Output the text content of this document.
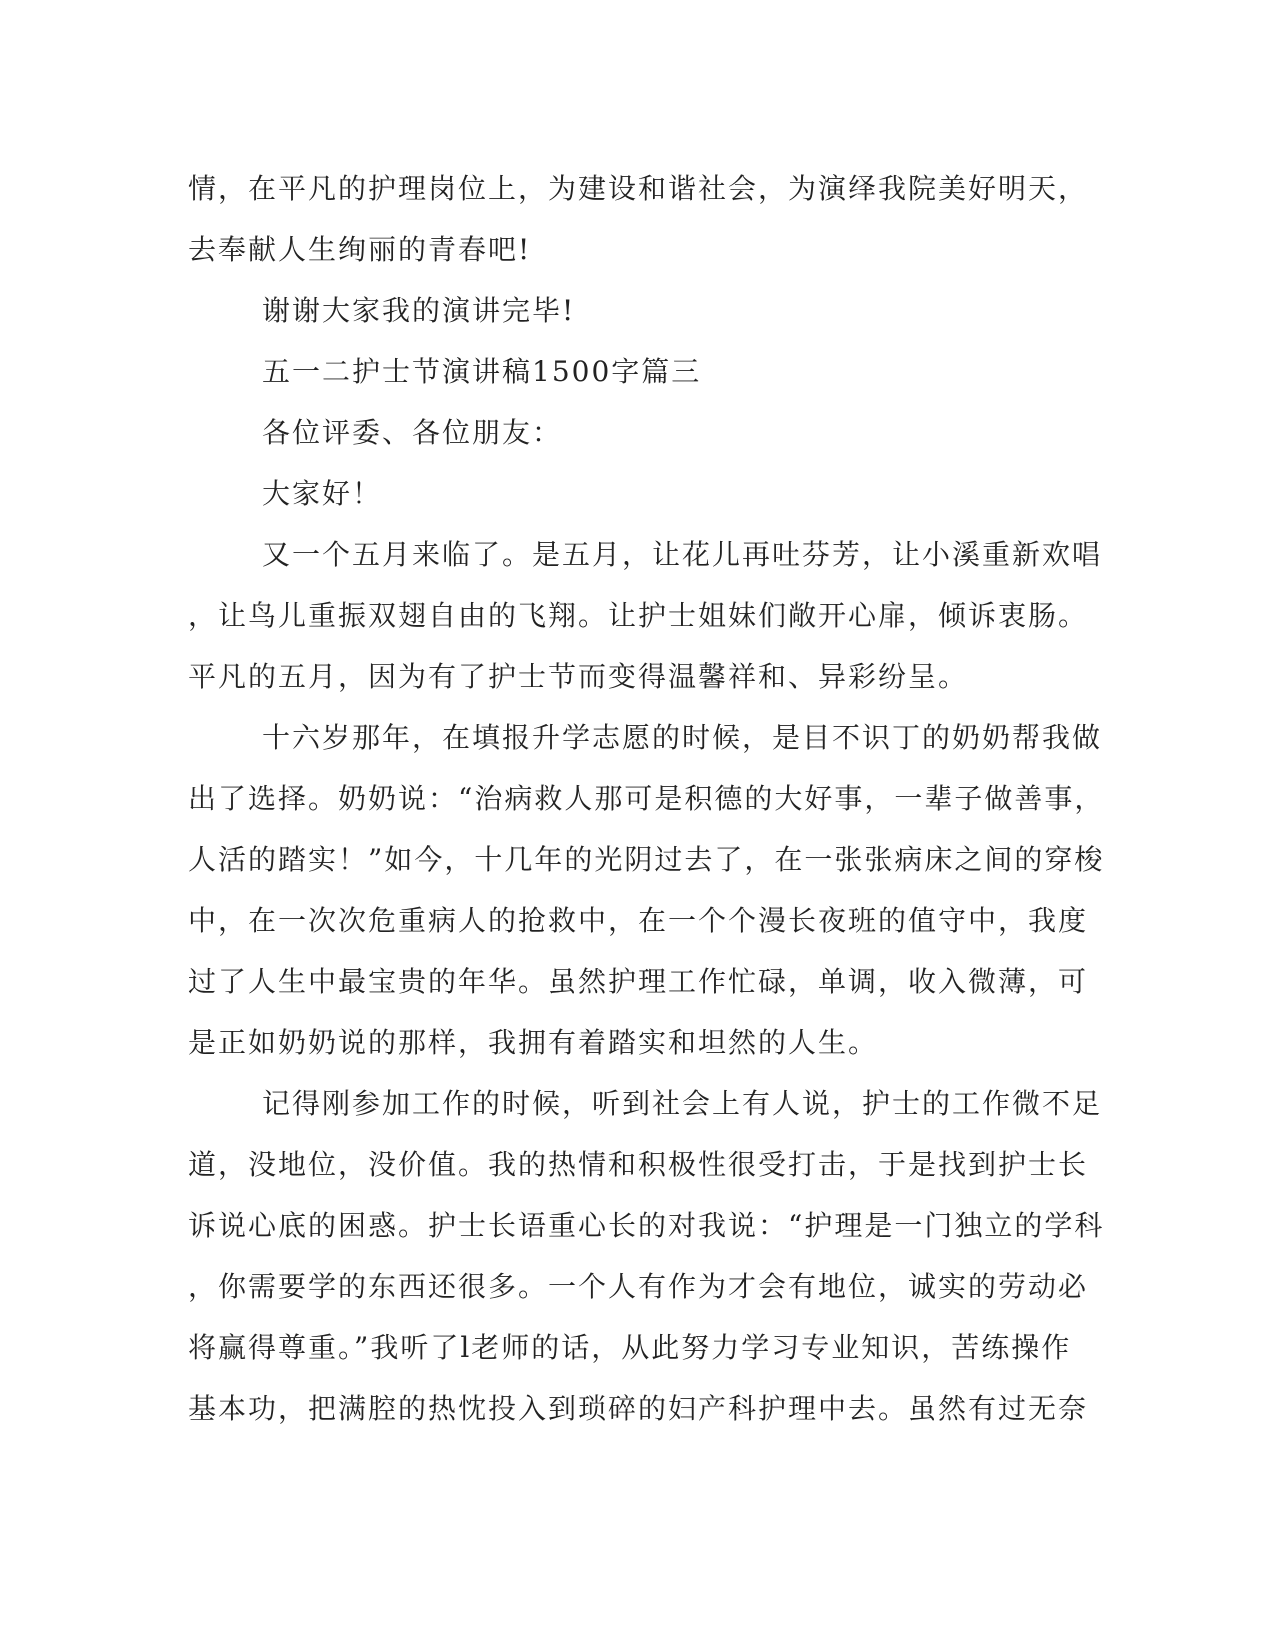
情，在平凡的护理岗位上，为建设和谐社会，为演绎我院美好明天，
去奉献人生绚丽的青春吧!
谢谢大家我的演讲完毕!
五一二护士节演讲稿1500字篇三
各位评委、各位朋友：
大家好！
又一个五月来临了。是五月，让花儿再吐芬芳，让小溪重新欢唱
，让鸟儿重振双翅自由的飞翔。让护士姐妹们敞开心扉，倾诉衷肠。
平凡的五月，因为有了护士节而变得温馨祥和、异彩纷呈。
十六岁那年，在填报升学志愿的时候，是目不识丁的奶奶帮我做
出了选择。奶奶说：“治病救人那可是积德的大好事，一辈子做善事，
人活的踏实！”如今，十几年的光阴过去了，在一张张病床之间的穿梭
中，在一次次危重病人的抢救中，在一个个漫长夜班的值守中，我度
过了人生中最宝贵的年华。虽然护理工作忙碌，单调，收入微薄，可
是正如奶奶说的那样，我拥有着踏实和坦然的人生。
记得刚参加工作的时候，听到社会上有人说，护士的工作微不足
道，没地位，没价值。我的热情和积极性很受打击，于是找到护士长
诉说心底的困惑。护士长语重心长的对我说：“护理是一门独立的学科
，你需要学的东西还很多。一个人有作为才会有地位，诚实的劳动必
将赢得尊重。”我听了l老师的话，从此努力学习专业知识，苦练操作
基本功，把满腔的热忱投入到琐碎的妇产科护理中去。虽然有过无奈
